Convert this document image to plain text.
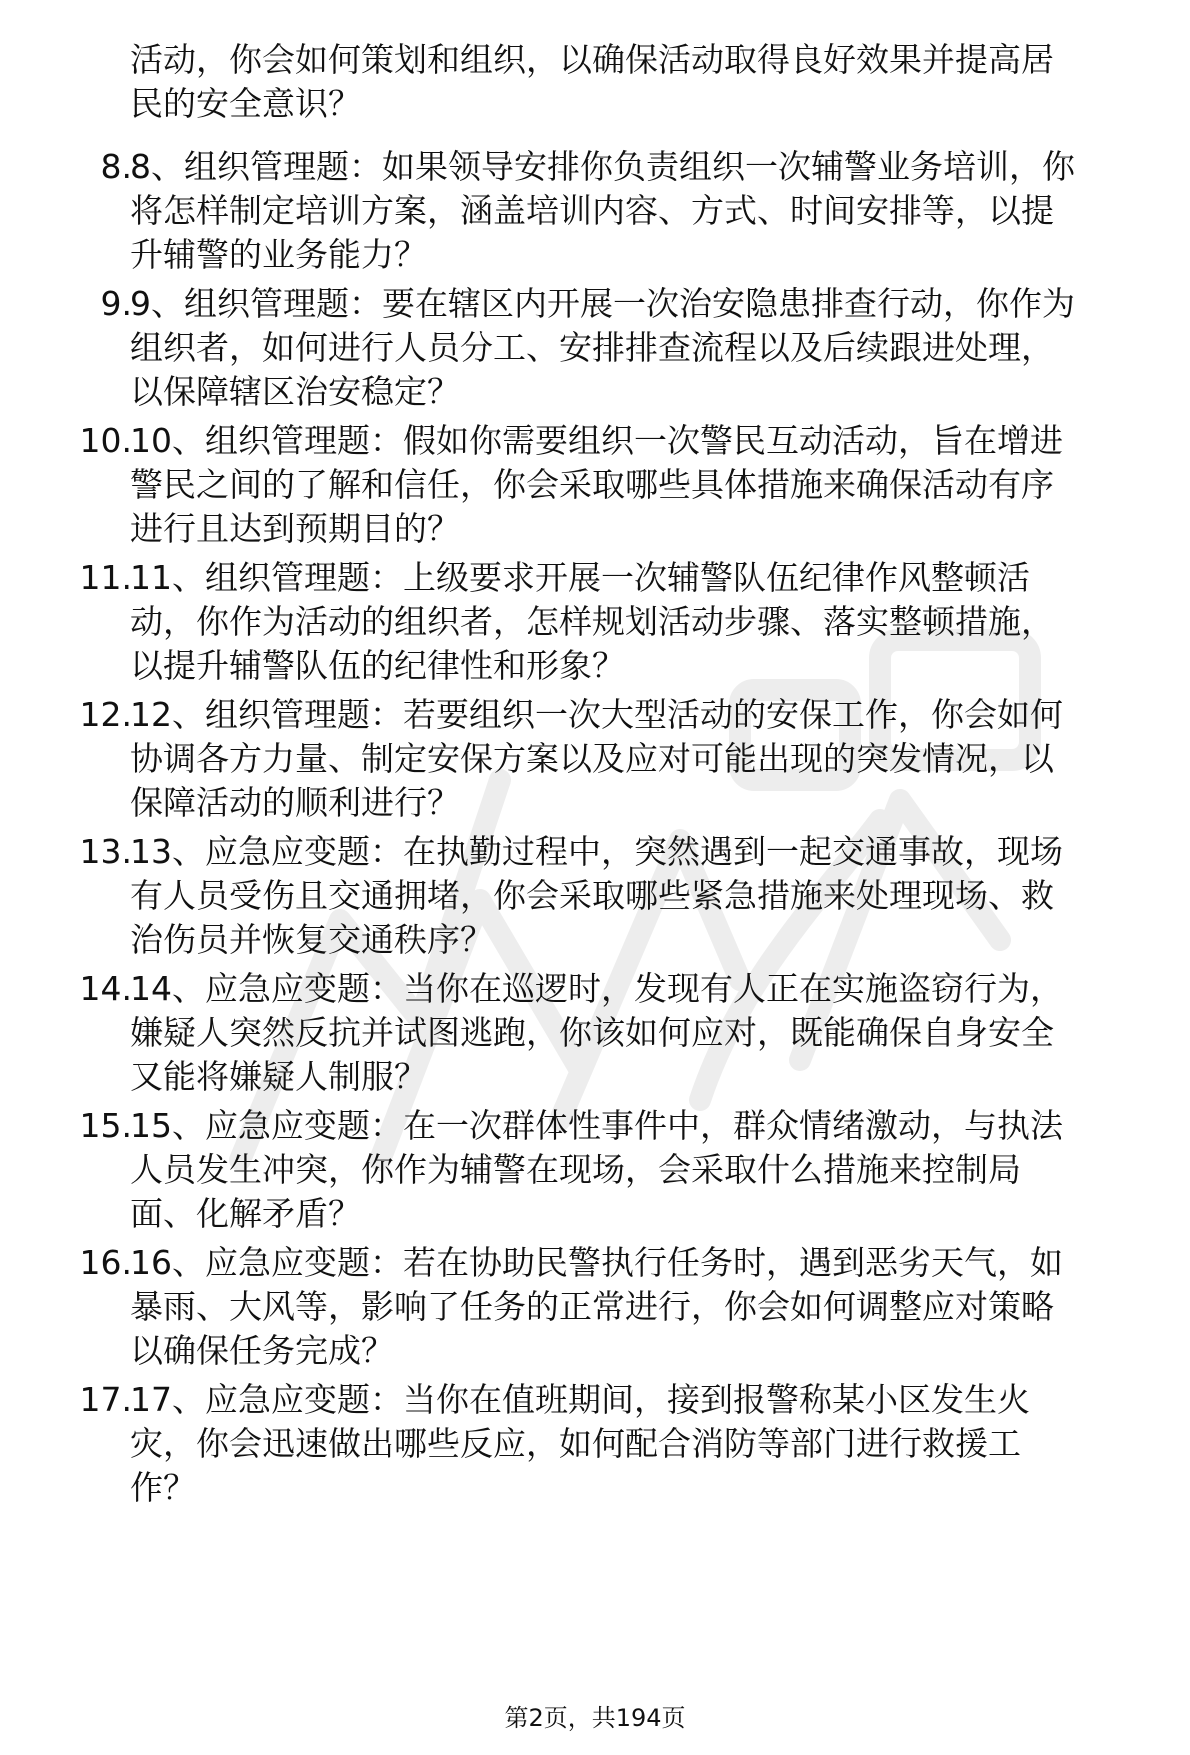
活动，你会如何策划和组织，以确保活动取得良好效果并提高居
民的安全意识？
8.
8、组织管理题：如果领导安排你负责组织一次辅警业务培训，你
将怎样制定培训方案，涵盖培训内容、方式、时间安排等，以提
升辅警的业务能力？
9.
9、组织管理题：要在辖区内开展一次治安隐患排查行动，你作为
组织者，如何进行人员分工、安排排查流程以及后续跟进处理，
以保障辖区治安稳定？
10.
10、组织管理题：假如你需要组织一次警民互动活动，旨在增进
警民之间的了解和信任，你会采取哪些具体措施来确保活动有序
进行且达到预期目的？
11.
11、组织管理题：上级要求开展一次辅警队伍纪律作风整顿活
动，你作为活动的组织者，怎样规划活动步骤、落实整顿措施，
以提升辅警队伍的纪律性和形象？
12.
12、组织管理题：若要组织一次大型活动的安保工作，你会如何
协调各方力量、制定安保方案以及应对可能出现的突发情况，以
保障活动的顺利进行？
13.
13、应急应变题：在执勤过程中，突然遇到一起交通事故，现场
有人员受伤且交通拥堵，你会采取哪些紧急措施来处理现场、救
治伤员并恢复交通秩序？
14.
14、应急应变题：当你在巡逻时，发现有人正在实施盗窃行为，
嫌疑人突然反抗并试图逃跑，你该如何应对，既能确保自身安全
又能将嫌疑人制服？
15.
15、应急应变题：在一次群体性事件中，群众情绪激动，与执法
人员发生冲突，你作为辅警在现场，会采取什么措施来控制局
面、化解矛盾？
16.
16、应急应变题：若在协助民警执行任务时，遇到恶劣天气，如
暴雨、大风等，影响了任务的正常进行，你会如何调整应对策略
以确保任务完成？
17.
17、应急应变题：当你在值班期间，接到报警称某小区发生火
灾，你会迅速做出哪些反应，如何配合消防等部门进行救援工
作？
第2页，共194页
